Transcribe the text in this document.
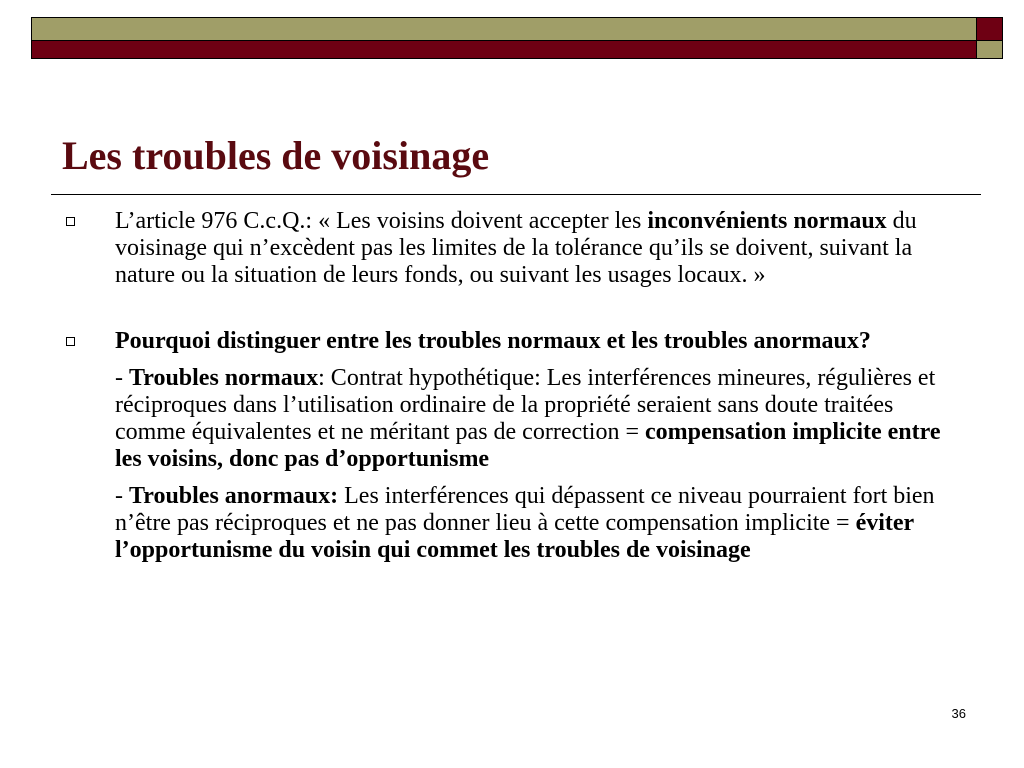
Les troubles de voisinage

L’article 976 C.c.Q.: « Les voisins doivent accepter les inconvénients normaux du voisinage qui n’excèdent pas les limites de la tolérance qu’ils se doivent, suivant la nature ou la situation de leurs fonds, ou suivant les usages locaux. »

Pourquoi distinguer entre les troubles normaux et les troubles anormaux?

- Troubles normaux: Contrat hypothétique: Les interférences mineures, régulières et réciproques dans l’utilisation ordinaire de la propriété seraient sans doute traitées comme équivalentes et ne méritant pas de correction = compensation implicite entre les voisins, donc pas d’opportunisme

- Troubles anormaux: Les interférences qui dépassent ce niveau pourraient fort bien n’être pas réciproques et ne pas donner lieu à cette compensation implicite = éviter l’opportunisme du voisin qui commet les troubles de voisinage

36
